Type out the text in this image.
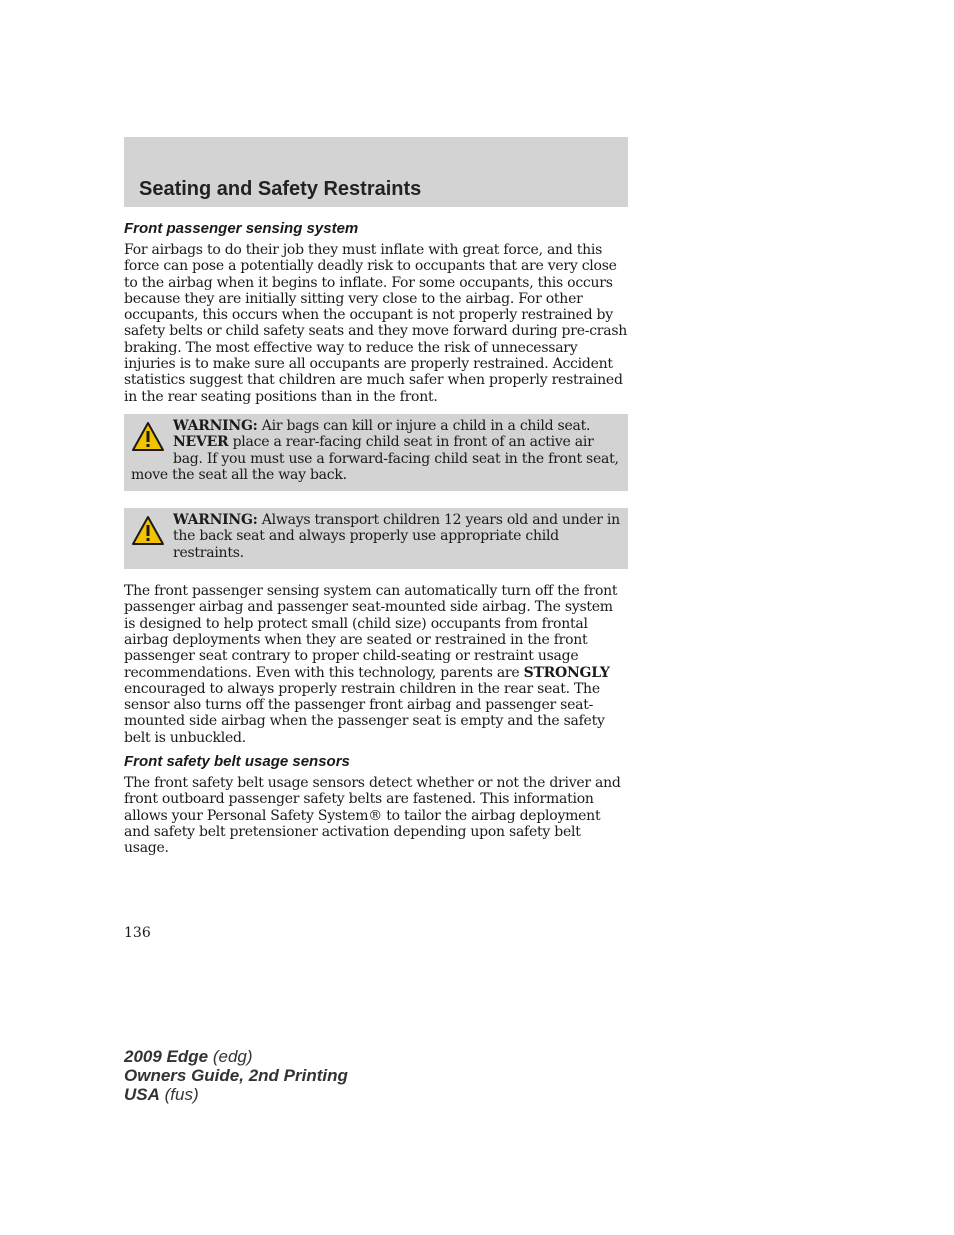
Seating and Safety Restraints
Front passenger sensing system

For airbags to do their job they must inflate with great force, and this force can pose a potentially deadly risk to occupants that are very close to the airbag when it begins to inflate. For some occupants, this occurs because they are initially sitting very close to the airbag. For other occupants, this occurs when the occupant is not properly restrained by safety belts or child safety seats and they move forward during pre-crash braking. The most effective way to reduce the risk of unnecessary injuries is to make sure all occupants are properly restrained. Accident statistics suggest that children are much safer when properly restrained in the rear seating positions than in the front.

WARNING: Air bags can kill or injure a child in a child seat. NEVER place a rear-facing child seat in front of an active air bag. If you must use a forward-facing child seat in the front seat, move the seat all the way back.
WARNING: Always transport children 12 years old and under in the back seat and always properly use appropriate child restraints.

The front passenger sensing system can automatically turn off the front passenger airbag and passenger seat-mounted side airbag. The system is designed to help protect small (child size) occupants from frontal airbag deployments when they are seated or restrained in the front passenger seat contrary to proper child-seating or restraint usage recommendations. Even with this technology, parents are STRONGLY encouraged to always properly restrain children in the rear seat. The sensor also turns off the passenger front airbag and passenger seat-mounted side airbag when the passenger seat is empty and the safety belt is unbuckled.

Front safety belt usage sensors

The front safety belt usage sensors detect whether or not the driver and front outboard passenger safety belts are fastened. This information allows your Personal Safety System® to tailor the airbag deployment and safety belt pretensioner activation depending upon safety belt usage.

136
2009 Edge (edg)
Owners Guide, 2nd Printing
USA (fus)
